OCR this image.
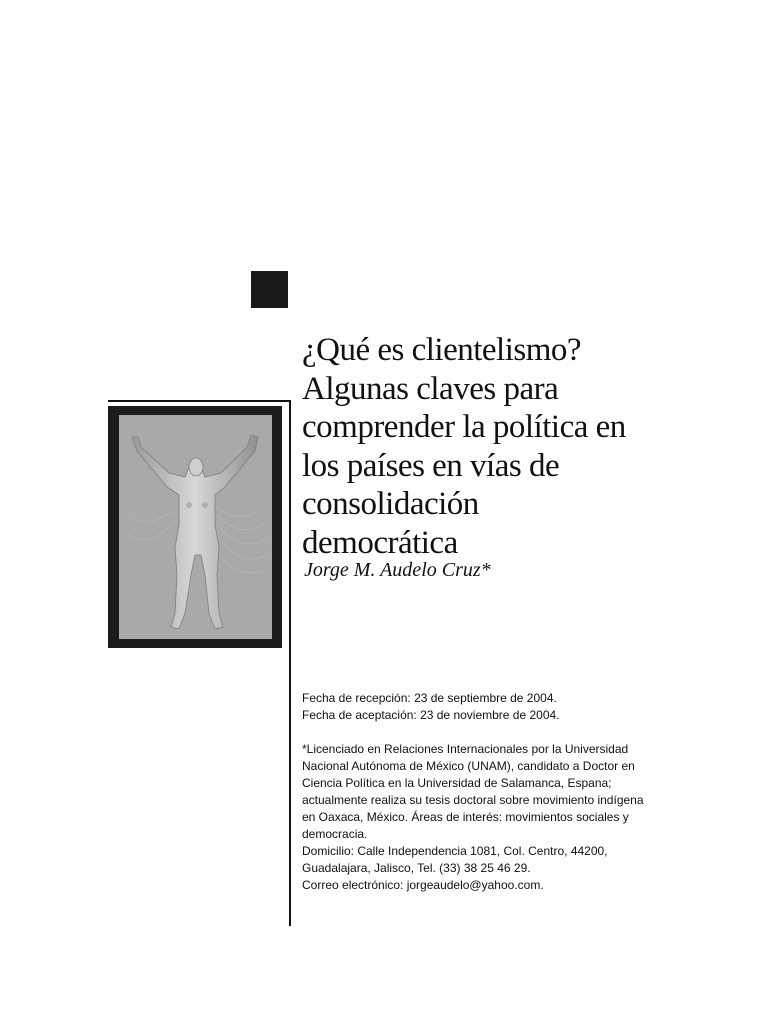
¿Qué es clientelismo?
Algunas claves para
comprender la política en
los países en vías de
consolidación
democrática

Jorge M. Audelo Cruz*

Fecha de recepción: 23 de septiembre de 2004.

Fecha de aceptación: 23 de noviembre de 2004.

*Licenciado en Relaciones Internacionales por la Universidad

Nacional Autónoma de México (UNAM), candidato a Doctor en

Ciencia Política en la Universidad de Salamanca, Espana;

actualmente realiza su tesis doctoral sobre movimiento indígena

en Oaxaca, México. Áreas de interés: movimientos sociales y

democracia.

Domicilio: Calle Independencia 1081, Col. Centro, 44200,

Guadalajara, Jalisco, Tel. (33) 38 25 46 29.

Correo electrónico: jorgeaudelo@yahoo.com.
